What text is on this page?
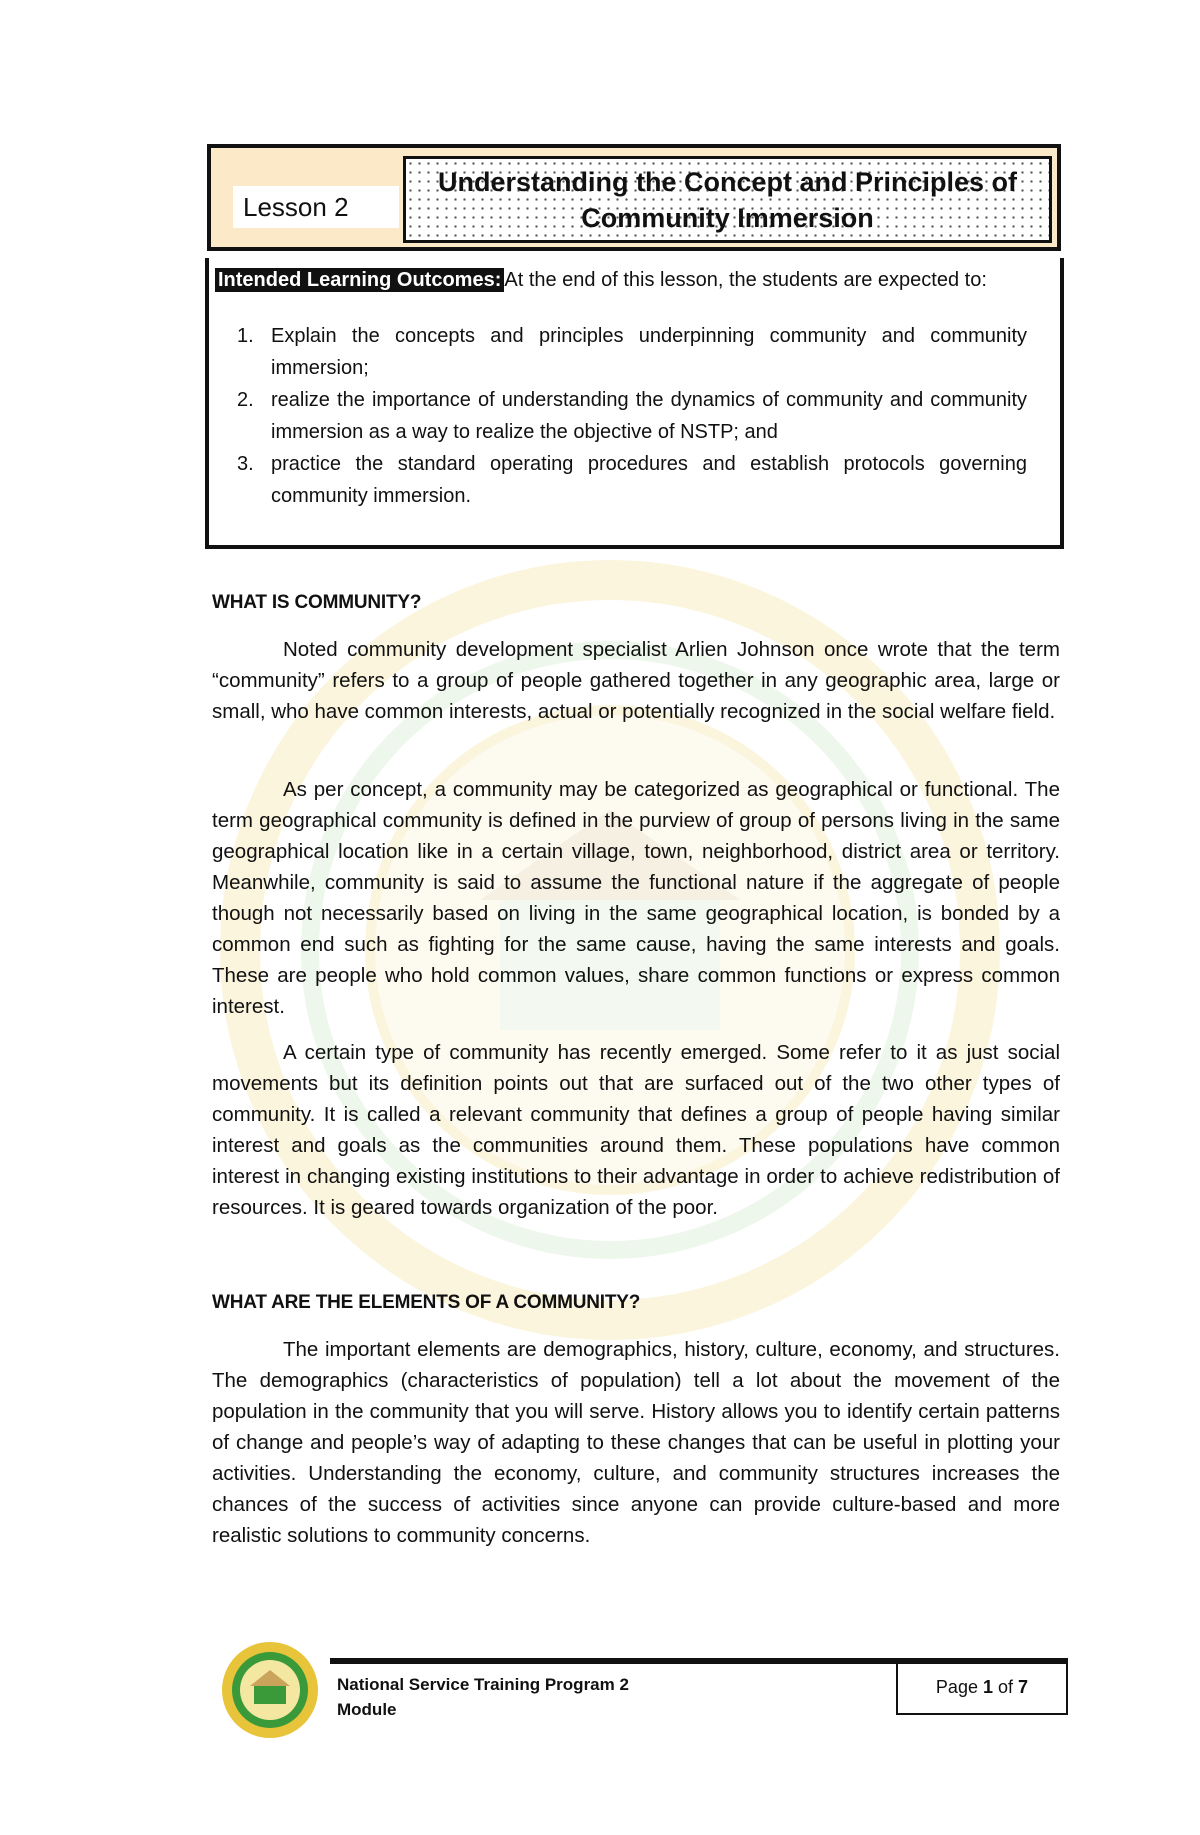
Lesson 2
Understanding the Concept and Principles of Community Immersion
Intended Learning Outcomes: At the end of this lesson, the students are expected to:
1. Explain the concepts and principles underpinning community and community immersion;
2. realize the importance of understanding the dynamics of community and community immersion as a way to realize the objective of NSTP; and
3. practice the standard operating procedures and establish protocols governing community immersion.
WHAT IS COMMUNITY?

Noted community development specialist Arlien Johnson once wrote that the term “community” refers to a group of people gathered together in any geographic area, large or small, who have common interests, actual or potentially recognized in the social welfare field.

As per concept, a community may be categorized as geographical or functional. The term geographical community is defined in the purview of group of persons living in the same geographical location like in a certain village, town, neighborhood, district area or territory. Meanwhile, community is said to assume the functional nature if the aggregate of people though not necessarily based on living in the same geographical location, is bonded by a common end such as fighting for the same cause, having the same interests and goals. These are people who hold common values, share common functions or express common interest.

A certain type of community has recently emerged. Some refer to it as just social movements but its definition points out that are surfaced out of the two other types of community. It is called a relevant community that defines a group of people having similar interest and goals as the communities around them. These populations have common interest in changing existing institutions to their advantage in order to achieve redistribution of resources. It is geared towards organization of the poor.

WHAT ARE THE ELEMENTS OF A COMMUNITY?

The important elements are demographics, history, culture, economy, and structures. The demographics (characteristics of population) tell a lot about the movement of the population in the community that you will serve. History allows you to identify certain patterns of change and people’s way of adapting to these changes that can be useful in plotting your activities. Understanding the economy, culture, and community structures increases the chances of the success of activities since anyone can provide culture-based and more realistic solutions to community concerns.

National Service Training Program 2
Module
Page
1
of
7
